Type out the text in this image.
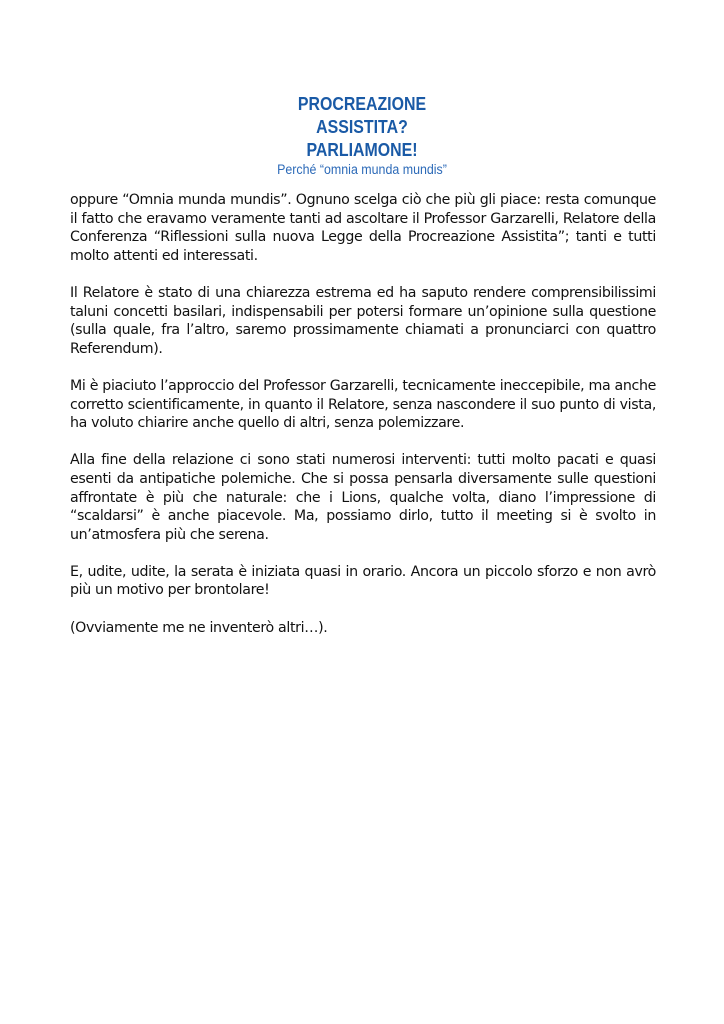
PROCREAZIONE
ASSISTITA?
PARLIAMONE!
Perché “omnia munda mundis”

oppure “Omnia munda mundis”. Ognuno scelga ciò che più gli piace: resta comunque il fatto che eravamo veramente tanti ad ascoltare il Professor Garzarelli, Relatore della Conferenza “Riflessioni sulla nuova Legge della Procreazione Assistita”; tanti e tutti molto attenti ed interessati.

Il Relatore è stato di una chiarezza estrema ed ha saputo rendere comprensibilissimi taluni concetti basilari, indispensabili per potersi formare un’opinione sulla questione (sulla quale, fra l’altro, saremo prossimamente chiamati a pronunciarci con quattro Referendum).

Mi è piaciuto l’approccio del Professor Garzarelli, tecnicamente ineccepibile, ma anche corretto scientificamente, in quanto il Relatore, senza nascondere il suo punto di vista, ha voluto chiarire anche quello di altri, senza polemizzare.

Alla fine della relazione ci sono stati numerosi interventi: tutti molto pacati e quasi esenti da antipatiche polemiche. Che si possa pensarla diversamente sulle questioni affrontate è più che naturale: che i Lions, qualche volta, diano l’impressione di “scaldarsi” è anche piacevole. Ma, possiamo dirlo, tutto il meeting si è svolto in un’atmosfera più che serena.

E, udite, udite, la serata è iniziata quasi in orario. Ancora un piccolo sforzo e non avrò più un motivo per brontolare!

(Ovviamente me ne inventerò altri…).
